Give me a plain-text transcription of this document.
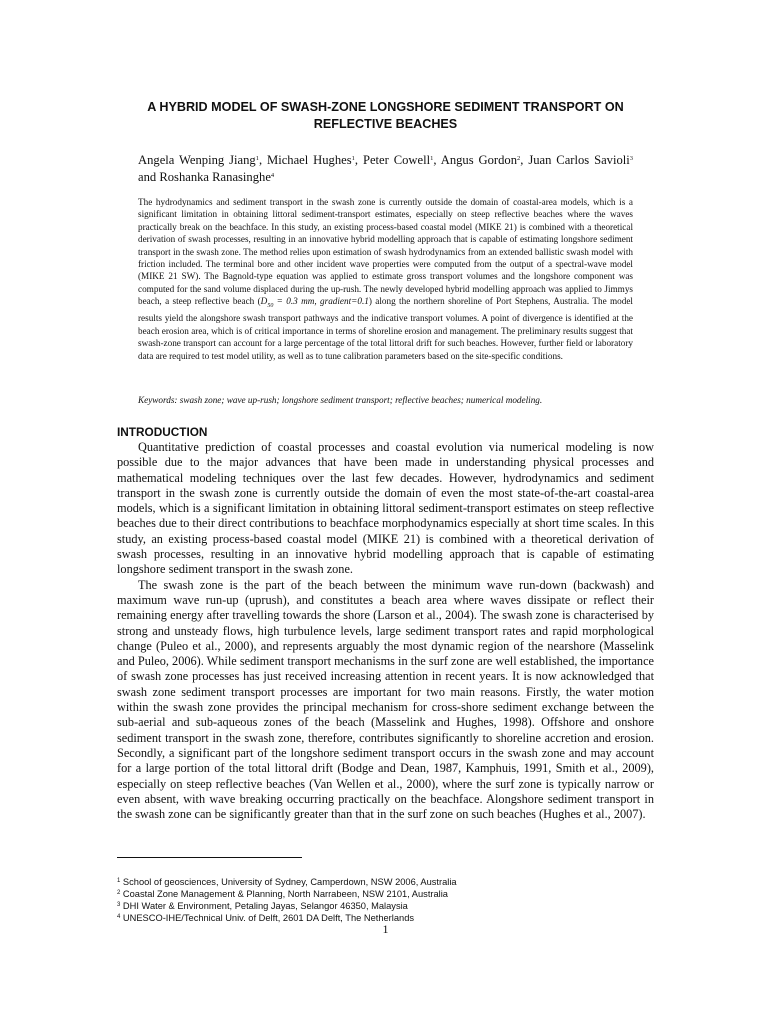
A HYBRID MODEL OF SWASH-ZONE LONGSHORE SEDIMENT TRANSPORT ON REFLECTIVE BEACHES
Angela Wenping Jiang$^1$, Michael Hughes$^1$, Peter Cowell$^1$, Angus Gordon$^2$, Juan Carlos Savioli$^3$ and Roshanka Ranasinghe$^4$
The hydrodynamics and sediment transport in the swash zone is currently outside the domain of coastal-area models, which is a significant limitation in obtaining littoral sediment-transport estimates, especially on steep reflective beaches where the waves practically break on the beachface. In this study, an existing process-based coastal model (MIKE 21) is combined with a theoretical derivation of swash processes, resulting in an innovative hybrid modelling approach that is capable of estimating longshore sediment transport in the swash zone. The method relies upon estimation of swash hydrodynamics from an extended ballistic swash model with friction included. The terminal bore and other incident wave properties were computed from the output of a spectral-wave model (MIKE 21 SW). The Bagnold-type equation was applied to estimate gross transport volumes and the longshore component was computed for the sand volume displaced during the up-rush. The newly developed hybrid modelling approach was applied to Jimmys beach, a steep reflective beach ($D_{50} = 0.3$ mm, gradient=0.1) along the northern shoreline of Port Stephens, Australia. The model results yield the alongshore swash transport pathways and the indicative transport volumes. A point of divergence is identified at the beach erosion area, which is of critical importance in terms of shoreline erosion and management. The preliminary results suggest that swash-zone transport can account for a large percentage of the total littoral drift for such beaches. However, further field or laboratory data are required to test model utility, as well as to tune calibration parameters based on the site-specific conditions.
Keywords: swash zone; wave up-rush; longshore sediment transport; reflective beaches; numerical modeling.
INTRODUCTION

Quantitative prediction of coastal processes and coastal evolution via numerical modeling is now possible due to the major advances that have been made in understanding physical processes and mathematical modeling techniques over the last few decades. However, hydrodynamics and sediment transport in the swash zone is currently outside the domain of even the most state-of-the-art coastal-area models, which is a significant limitation in obtaining littoral sediment-transport estimates on steep reflective beaches due to their direct contributions to beachface morphodynamics especially at short time scales. In this study, an existing process-based coastal model (MIKE 21) is combined with a theoretical derivation of swash processes, resulting in an innovative hybrid modelling approach that is capable of estimating longshore sediment transport in the swash zone.

The swash zone is the part of the beach between the minimum wave run-down (backwash) and maximum wave run-up (uprush), and constitutes a beach area where waves dissipate or reflect their remaining energy after travelling towards the shore (Larson et al., 2004). The swash zone is characterised by strong and unsteady flows, high turbulence levels, large sediment transport rates and rapid morphological change (Puleo et al., 2000), and represents arguably the most dynamic region of the nearshore (Masselink and Puleo, 2006). While sediment transport mechanisms in the surf zone are well established, the importance of swash zone processes has just received increasing attention in recent years. It is now acknowledged that swash zone sediment transport processes are important for two main reasons. Firstly, the water motion within the swash zone provides the principal mechanism for cross-shore sediment exchange between the sub-aerial and sub-aqueous zones of the beach (Masselink and Hughes, 1998). Offshore and onshore sediment transport in the swash zone, therefore, contributes significantly to shoreline accretion and erosion. Secondly, a significant part of the longshore sediment transport occurs in the swash zone and may account for a large portion of the total littoral drift (Bodge and Dean, 1987, Kamphuis, 1991, Smith et al., 2009), especially on steep reflective beaches (Van Wellen et al., 2000), where the surf zone is typically narrow or even absent, with wave breaking occurring practically on the beachface. Alongshore sediment transport in the swash zone can be significantly greater than that in the surf zone on such beaches (Hughes et al., 2007).

$^1$ School of geosciences, University of Sydney, Camperdown, NSW 2006, Australia
$^2$ Coastal Zone Management & Planning, North Narrabeen, NSW 2101, Australia
$^3$ DHI Water & Environment, Petaling Jayas, Selangor 46350, Malaysia
$^4$ UNESCO-IHE/Technical Univ. of Delft, 2601 DA Delft, The Netherlands
1
